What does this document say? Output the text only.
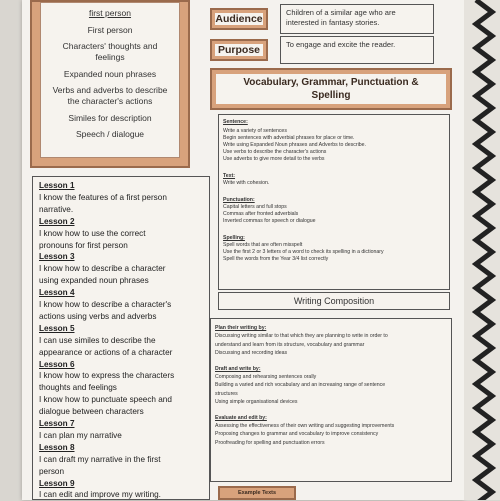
first person
First person
Characters' thoughts and
feelings
Expanded noun phrases
Verbs and adverbs to describe
the character's actions
Similes for description
Speech / dialogue
Audience
Children of a similar age who are
interested in fantasy stories.
Purpose	To engage and excite the reader.
Vocabulary, Grammar, Punctuation &
Spelling
Sentence:
Write a variety of sentences
Begin sentences with adverbial phrases for place or time.
Write using Expanded Noun phrases and Adverbs to describe.
Use verbs to describe the character's actions
Use adverbs to give more detail to the verbs
Text:
Write with cohesion.
Punctuation:
Capital letters and full stops
Commas after fronted adverbials
Inverted commas for speech or dialogue
Spelling:
Spell words that are often misspelt
Use the first 2 or 3 letters of a word to check its spelling in a dictionary
Spell the words from the Year 3/4 list correctly
Lesson 1
I know the features of a first person
narrative.
Lesson 2
I know how to use the correct
pronouns for first person
Lesson 3
I know how to describe a character
using expanded noun phrases
Lesson 4
I know how to describe a character's
actions using verbs and adverbs
Lesson 5
I can use similes to describe the
appearance or actions of a character
Lesson 6
I know how to express the characters
thoughts and feelings
I know how to punctuate speech and
dialogue between characters
Lesson 7
I can plan my narrative
Lesson 8
I can draft my narrative in the first
person
Lesson 9
I can edit and improve my writing.
Writing Composition
Plan their writing by:
Discussing writing similar to that which they are planning to write in order to
understand and learn from its structure, vocabulary and grammar
Discussing and recording ideas
Draft and write by:
Composing and rehearsing sentences orally
Building a varied and rich vocabulary and an increasing range of sentence
structures
Using simple organisational devices
Evaluate and edit by:
Assessing the effectiveness of their own writing and suggesting improvements
Proposing changes to grammar and vocabulary to improve consistency
Proofreading for spelling and punctuation errors
Example Texts
